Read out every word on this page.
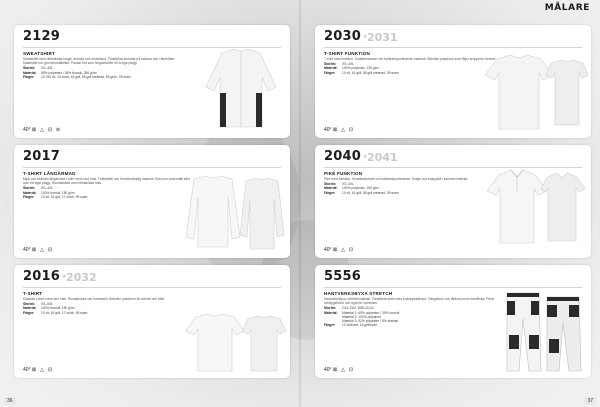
MÅLARE
2129
SWEATSHIRT
Sweatshirt med ribbstickad krage, ärmslut och nederkant. Förstärkta sömmar på axlarna och i ärmhålen. Materialet har god formstabilitet. Passar bra som färgvarianter till övriga plagg.
Storlek:	XS–4XL
Material:	65% polyester / 35% bomull, 280 g/m²
Färger:	10 010 vit, 10 svart, 16 grå, 58 grå melerad, 65 grön, 99 svart
40° ⊠ △ ⊡ ⊘
2017
T-SHIRT LÅNGÄRMAD
Mjuk och bekväm långärmad t-shirt med rund hals. Tvättstabil och formbeständig material. Bra som underställ eller som ett eget plagg. Rundstickad med ribbstickad hals.
Storlek:	XS–4XL
Material:	100% bomull, 180 g/m²
Färger:	10 vit, 16 grå, 17 mörk, 99 svart
40° ⊠ △ ⊡
2016 ★ 2032
T-SHIRT
Klassisk t-shirt med rund hals. Rundstickad och formstabil. Bekväm passform för arbete och fritid.
Storlek:	XS–5XL
Material:	100% bomull, 150 g/m²
Färger:	10 vit, 16 grå, 17 mörk, 99 svart
40° ⊠ △ ⊡
36
2030 ★ 2031
T-SHIRT FUNKTION
T-shirt med funktion. Snabbtorkande och fukttransporterande material. Bekväm passform som följer kroppens rörelser.
Storlek:	XS–4XL
Material:	100% polyester, 130 g/m²
Färger:	10 vit, 16 grå, 58 grå melerad, 99 svart
40° ⊠ △ ⊡
2040 ★ 2041
PIKÉ FUNKTION
Piké med funktion. Snabbtorkande och fukttransporterande. Krage och knappslå i samma material.
Storlek:	XS–4XL
Material:	100% polyester, 150 g/m²
Färger:	10 vit, 16 grå, 58 grå melerad, 99 svart
40° ⊠ △ ⊡
5556
HANTVERKSBYXA STRETCH
Hantverksbyxa i stretchmaterial. Förstärkta knän med knäskyddsfickor. Hängfickor och lårficka med mobilficka. Flera verktygsfickor och ögla för hammare.
Storlek:	C44–C62, D88–D124
Material:	Material 1: 65% polyester / 35% bomull
Material 2: 100% polyamid
Material 3: 92% polyester / 8% elastan
Färger:	10 vit/svart, 16 grå/svart
40° ⊠ △ ⊡
37
